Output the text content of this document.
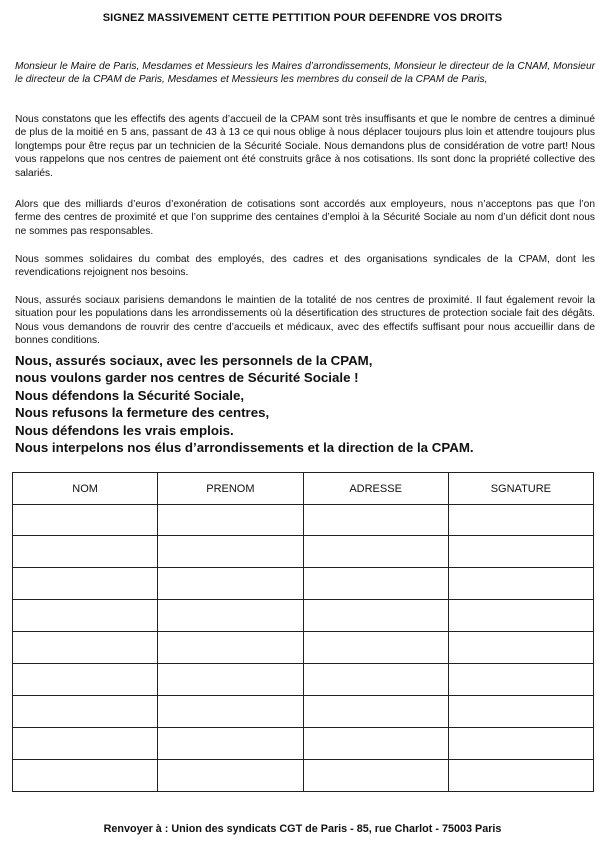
SIGNEZ MASSIVEMENT CETTE PETTITION POUR DEFENDRE VOS DROITS
Monsieur le Maire de Paris, Mesdames et Messieurs les Maires d’arrondissements, Monsieur le directeur de la CNAM, Monsieur le directeur de la CPAM de Paris, Mesdames et Messieurs les membres du conseil de la CPAM de Paris,

Nous constatons que les effectifs des agents d’accueil de la CPAM sont très insuffisants et que le nombre de centres a diminué de plus de la moitié en 5 ans, passant de 43 à 13 ce qui nous oblige à nous déplacer toujours plus loin et attendre toujours plus longtemps pour être reçus par un technicien de la Sécurité Sociale. Nous demandons plus de considération de votre part! Nous vous rappelons que nos centres de paiement ont été construits grâce à nos cotisations. Ils sont donc la propriété collective des salariés.

Alors que des milliards d’euros d’exonération de cotisations sont accordés aux employeurs, nous n’acceptons pas que l’on ferme des centres de proximité et que l’on supprime des centaines d’emploi à la Sécurité Sociale au nom d’un déficit dont nous ne sommes pas responsables.

Nous sommes solidaires du combat des employés, des cadres et des organisations syndicales de la CPAM, dont les revendications rejoignent nos besoins.

Nous, assurés sociaux parisiens demandons le maintien de la totalité de nos centres de proximité. Il faut également revoir la situation pour les populations dans les arrondissements où la désertification des structures de protection sociale fait des dégâts. Nous vous demandons de rouvrir des centre d’accueils et médicaux, avec des effectifs suffisant pour nous accueillir dans de bonnes conditions.

Nous, assurés sociaux, avec les personnels de la CPAM,
nous voulons garder nos centres de Sécurité Sociale !
Nous défendons la Sécurité Sociale,
Nous refusons la fermeture des centres,
Nous défendons les vrais emplois.
Nous interpelons nos élus d’arrondissements et la direction de la CPAM.
NOM	PRENOM	ADRESSE	SGNATURE

Renvoyer à : Union des syndicats CGT de Paris - 85, rue Charlot - 75003 Paris
